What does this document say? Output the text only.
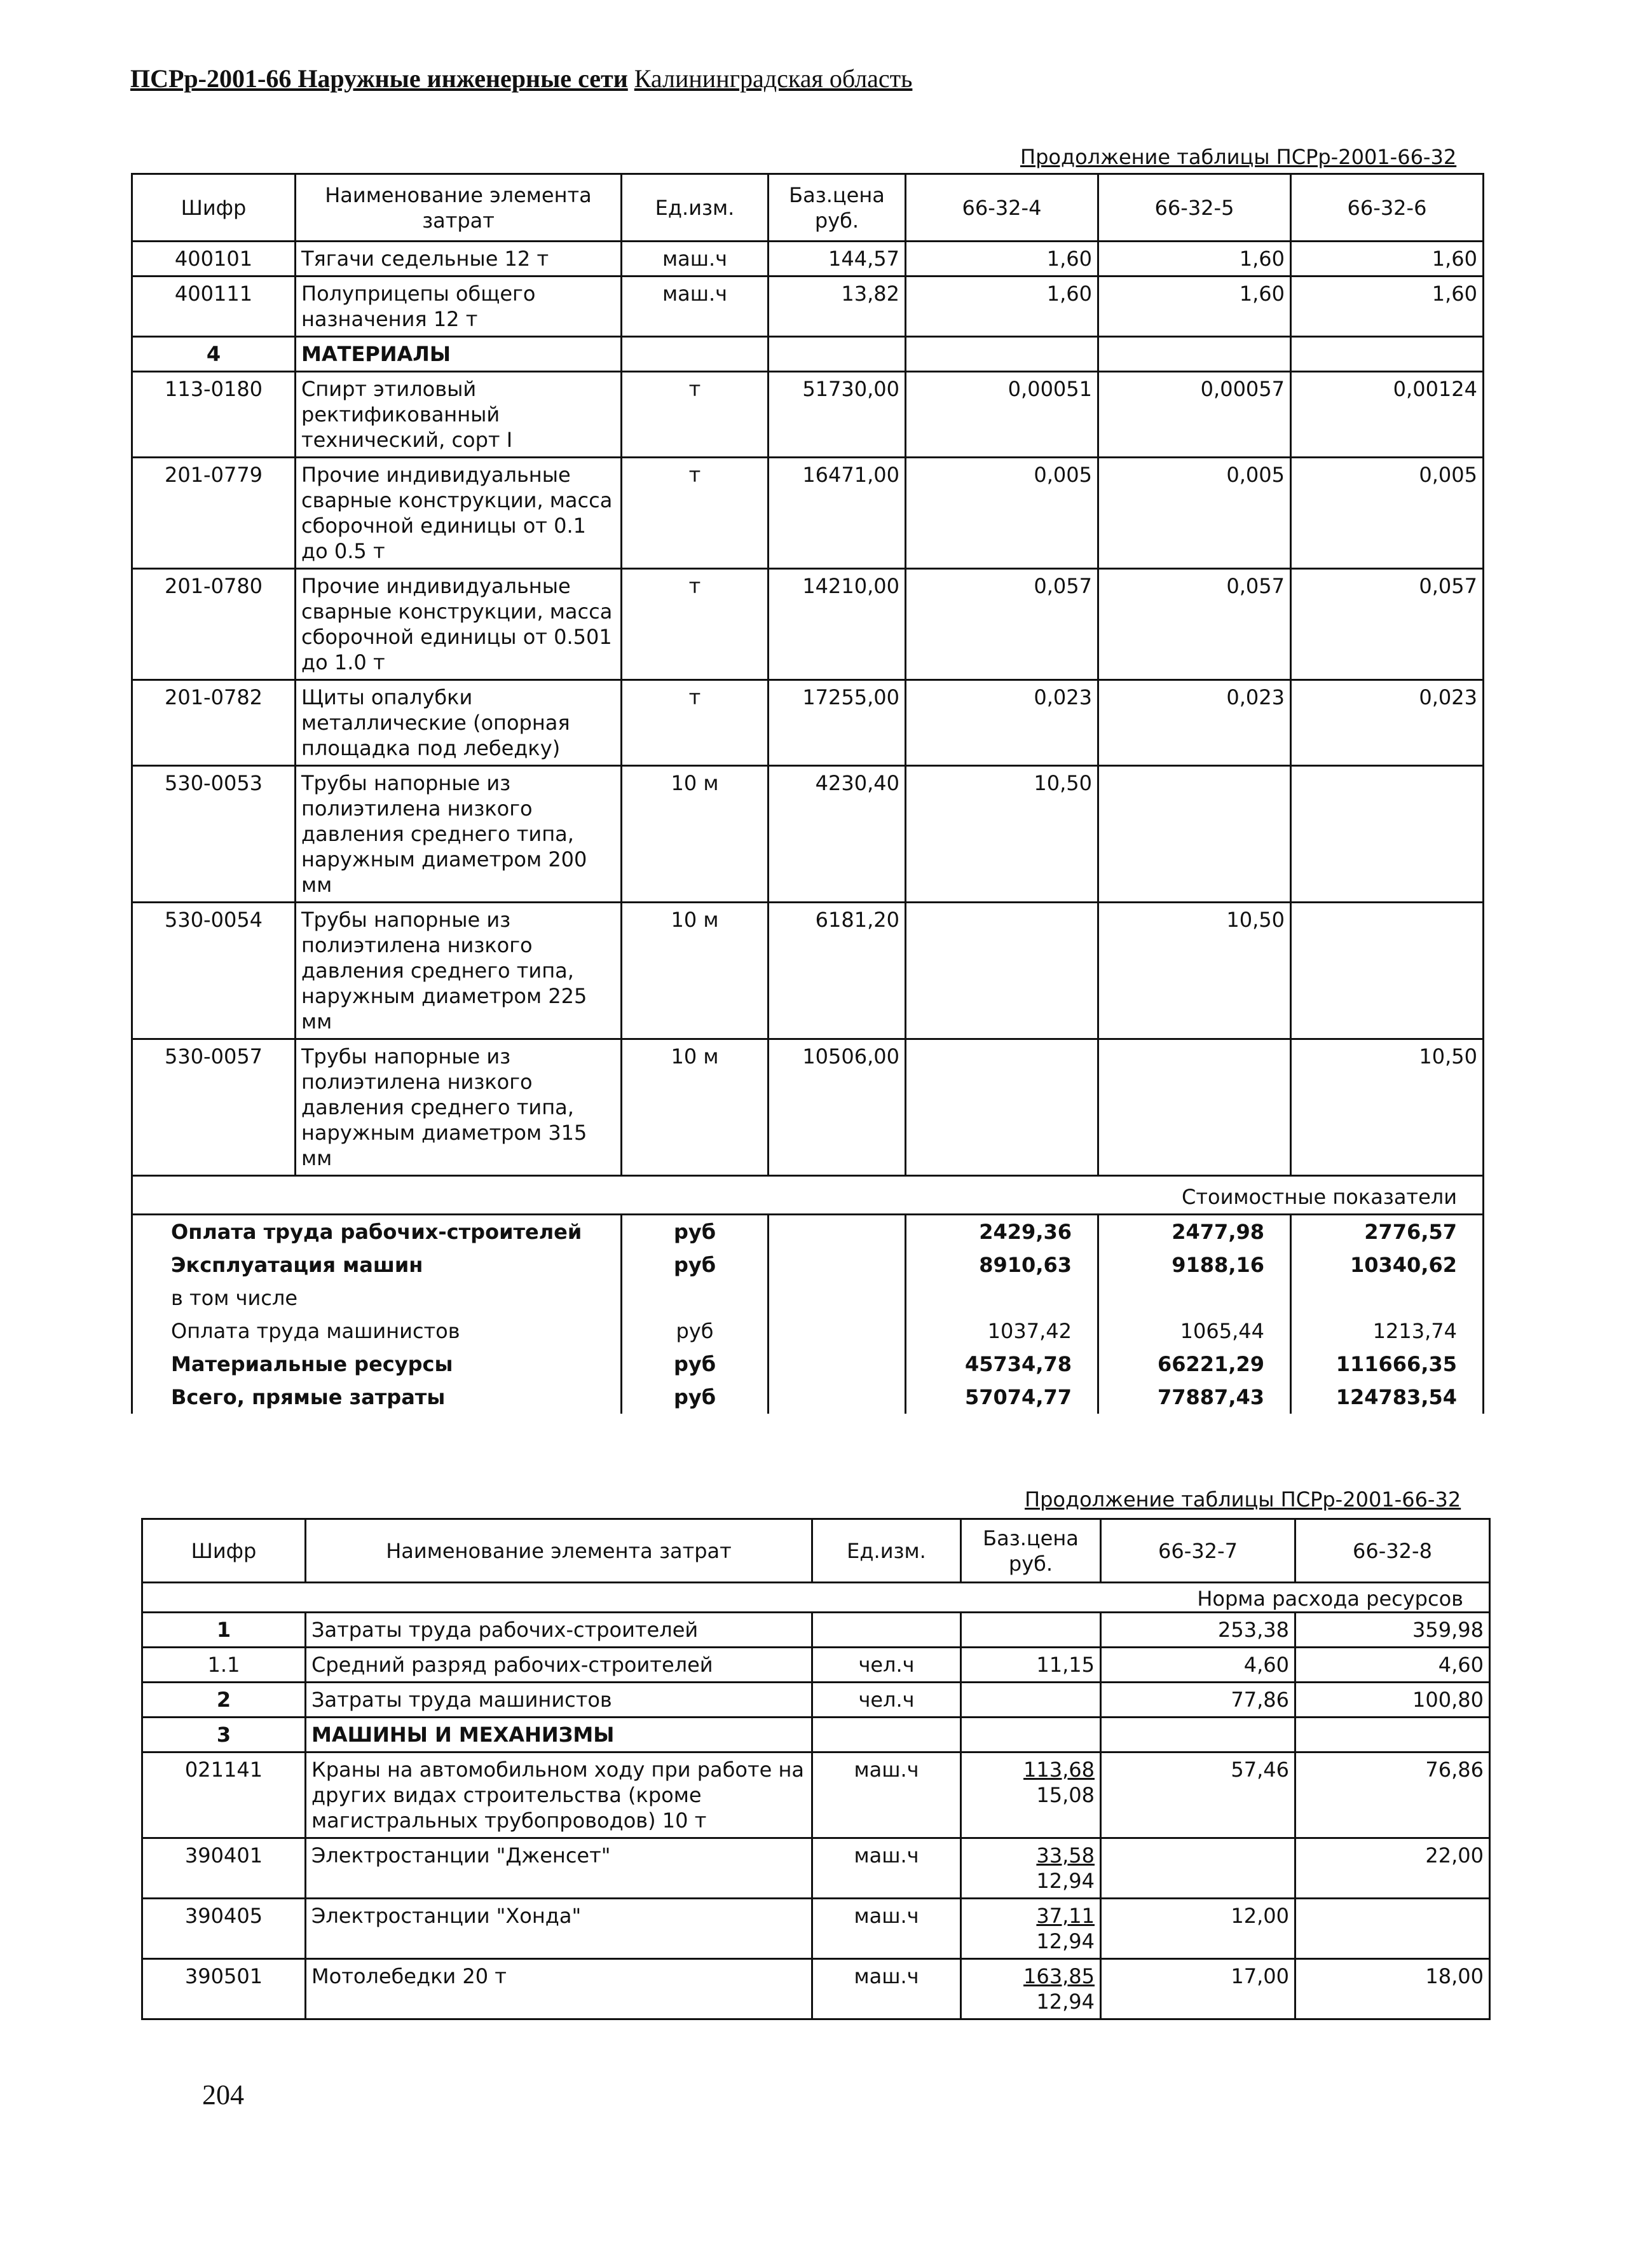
ПСРр-2001-66 Наружные инженерные сети Калининградская область
Продолжение таблицы ПСРр-2001-66-32
Шифр	Наименование элемента затрат	Ед.изм.	Баз.цена руб.	66-32-4	66-32-5	66-32-6
400101	Тягачи седельные 12 т	маш.ч	144,57	1,60	1,60	1,60
400111	Полуприцепы общего назначения 12 т	маш.ч	13,82	1,60	1,60	1,60
4	МАТЕРИАЛЫ					
113-0180	Спирт этиловый ректификованный технический, сорт I	т	51730,00	0,00051	0,00057	0,00124
201-0779	Прочие индивидуальные сварные конструкции, масса сборочной единицы от 0.1 до 0.5 т	т	16471,00	0,005	0,005	0,005
201-0780	Прочие индивидуальные сварные конструкции, масса сборочной единицы от 0.501 до 1.0 т	т	14210,00	0,057	0,057	0,057
201-0782	Щиты опалубки металлические (опорная площадка под лебедку)	т	17255,00	0,023	0,023	0,023
530-0053	Трубы напорные из полиэтилена низкого давления среднего типа, наружным диаметром 200 мм	10 м	4230,40	10,50		
530-0054	Трубы напорные из полиэтилена низкого давления среднего типа, наружным диаметром 225 мм	10 м	6181,20		10,50	
530-0057	Трубы напорные из полиэтилена низкого давления среднего типа, наружным диаметром 315 мм	10 м	10506,00			10,50
Стоимостные показатели						
Оплата труда рабочих-строителей		руб		2429,36	2477,98	2776,57
Эксплуатация машин		руб		8910,63	9188,16	10340,62
в том числе						
Оплата труда машинистов		руб		1037,42	1065,44	1213,74
Материальные ресурсы		руб		45734,78	66221,29	111666,35
Всего, прямые затраты		руб		57074,77	77887,43	124783,54
Продолжение таблицы ПСРр-2001-66-32
Шифр	Наименование элемента затрат	Ед.изм.	Баз.цена руб.	66-32-7	66-32-8
Норма расхода ресурсов					
1	Затраты труда рабочих-строителей			253,38	359,98
1.1	Средний разряд рабочих-строителей	чел.ч	11,15	4,60	4,60
2	Затраты труда машинистов	чел.ч		77,86	100,80
3	МАШИНЫ И МЕХАНИЗМЫ				
021141	Краны на автомобильном ходу при работе на других видах строительства (кроме магистральных трубопроводов) 10 т	маш.ч	$\frac{113,68}{15,08}$	57,46	76,86
390401	Электростанции "Дженсет"	маш.ч	$\frac{33,58}{12,94}$		22,00
390405	Электростанции "Хонда"	маш.ч	$\frac{37,11}{12,94}$	12,00	
390501	Мотолебедки 20 т	маш.ч	$\frac{163,85}{12,94}$	17,00	18,00
204
